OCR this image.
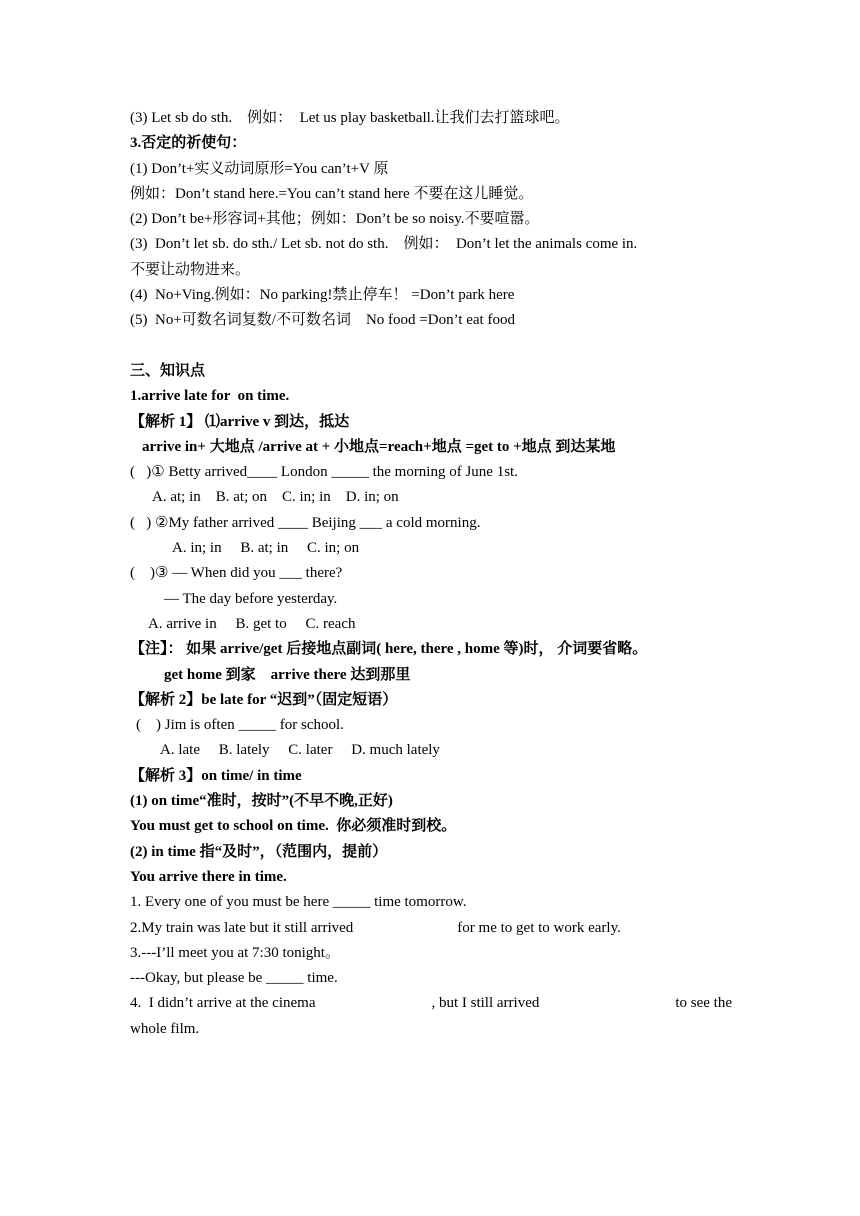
(3) Let sb do sth.    例如：  Let us play basketball.让我们去打篮球吧。
3.否定的祈使句：
(1) Don’t+实义动词原形=You can’t+V 原
例如：Don’t stand here.=You can’t stand here 不要在这儿睡觉。
(2) Don’t be+形容词+其他；例如：Don’t be so noisy.不要喧嚣。
(3)  Don’t let sb. do sth./ Let sb. not do sth.    例如：  Don’t let the animals come in.
不要让动物进来。
(4)  No+Ving.例如：No parking!禁止停车！ =Don’t park here
(5)  No+可数名词复数/不可数名词    No food =Don’t eat food
三、知识点
1.arrive late for  on time.
【解析 1】 ⑴arrive v 到达，抵达
arrive in+ 大地点 /arrive at + 小地点=reach+地点 =get to +地点 到达某地
(   )① Betty arrived____ London _____ the morning of June 1st.
A. at; in    B. at; on    C. in; in    D. in; on
(   ) ②My father arrived ____ Beijing ___ a cold morning.
A. in; in     B. at; in     C. in; on
(    )③ — When did you ___ there?
— The day before yesterday.
A. arrive in     B. get to     C. reach
【注】： 如果 arrive/get 后接地点副词( here, there , home 等)时， 介词要省略。
get home 到家    arrive there 达到那里
【解析 2】be late for “迟到”（固定短语）
(    ) Jim is often _____ for school.
A. late     B. lately     C. later     D. much lately
【解析 3】on time/ in time
(1) on time“准时，按时”(不早不晚,正好)
You must get to school on time.  你必须准时到校。
(2) in time 指“及时”，（范围内，提前）
You arrive there in time.
1. Every one of you must be here _____ time tomorrow.
2.My train was late but it still arrived	for me to get to work early.
3.---I’ll meet you at 7:30 tonight。
---Okay, but please be _____ time.
4.  I didn’t arrive at the cinema	, but I still arrived	to see the
whole film.
